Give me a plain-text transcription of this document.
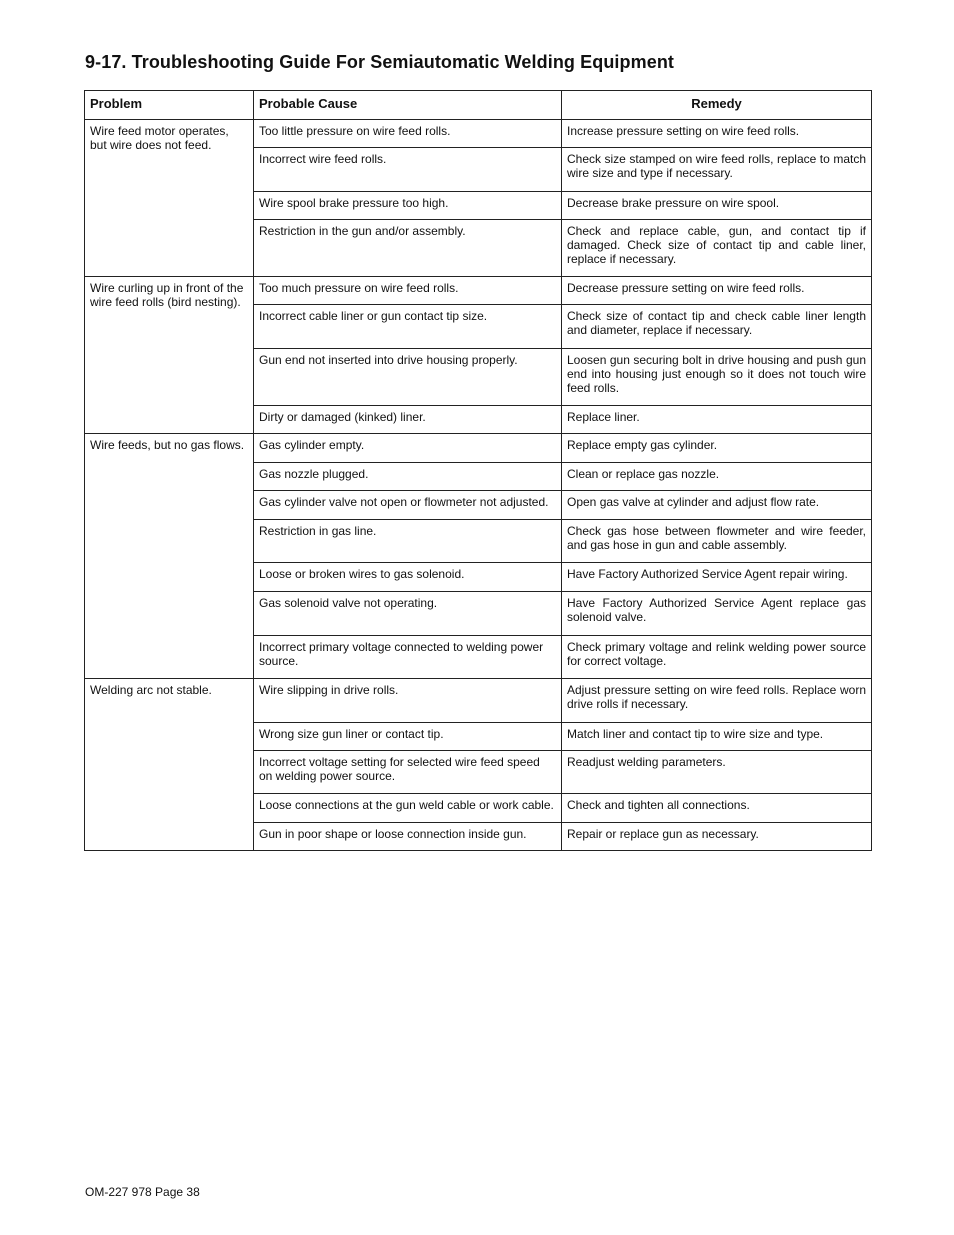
9-17. Troubleshooting Guide For Semiautomatic Welding Equipment
Problem	Probable Cause	Remedy
Wire feed motor operates, but wire does not feed.	Too little pressure on wire feed rolls.	Increase pressure setting on wire feed rolls.
	Incorrect wire feed rolls.	Check size stamped on wire feed rolls, replace to match wire size and type if necessary.
	Wire spool brake pressure too high.	Decrease brake pressure on wire spool.
	Restriction in the gun and/or assembly.	Check and replace cable, gun, and contact tip if damaged. Check size of contact tip and cable liner, replace if necessary.
Wire curling up in front of the wire feed rolls (bird nesting).	Too much pressure on wire feed rolls.	Decrease pressure setting on wire feed rolls.
	Incorrect cable liner or gun contact tip size.	Check size of contact tip and check cable liner length and diameter, replace if necessary.
	Gun end not inserted into drive housing properly.	Loosen gun securing bolt in drive housing and push gun end into housing just enough so it does not touch wire feed rolls.
	Dirty or damaged (kinked) liner.	Replace liner.
Wire feeds, but no gas flows.	Gas cylinder empty.	Replace empty gas cylinder.
	Gas nozzle plugged.	Clean or replace gas nozzle.
	Gas cylinder valve not open or flowmeter not adjusted.	Open gas valve at cylinder and adjust flow rate.
	Restriction in gas line.	Check gas hose between flowmeter and wire feeder, and gas hose in gun and cable assembly.
	Loose or broken wires to gas solenoid.	Have Factory Authorized Service Agent repair wiring.
	Gas solenoid valve not operating.	Have Factory Authorized Service Agent replace gas solenoid valve.
	Incorrect primary voltage connected to welding power source.	Check primary voltage and relink welding power source for correct voltage.
Welding arc not stable.	Wire slipping in drive rolls.	Adjust pressure setting on wire feed rolls. Replace worn drive rolls if necessary.
	Wrong size gun liner or contact tip.	Match liner and contact tip to wire size and type.
	Incorrect voltage setting for selected wire feed speed on welding power source.	Readjust welding parameters.
	Loose connections at the gun weld cable or work cable.	Check and tighten all connections.
	Gun in poor shape or loose connection inside gun.	Repair or replace gun as necessary.
OM-227 978 Page 38
